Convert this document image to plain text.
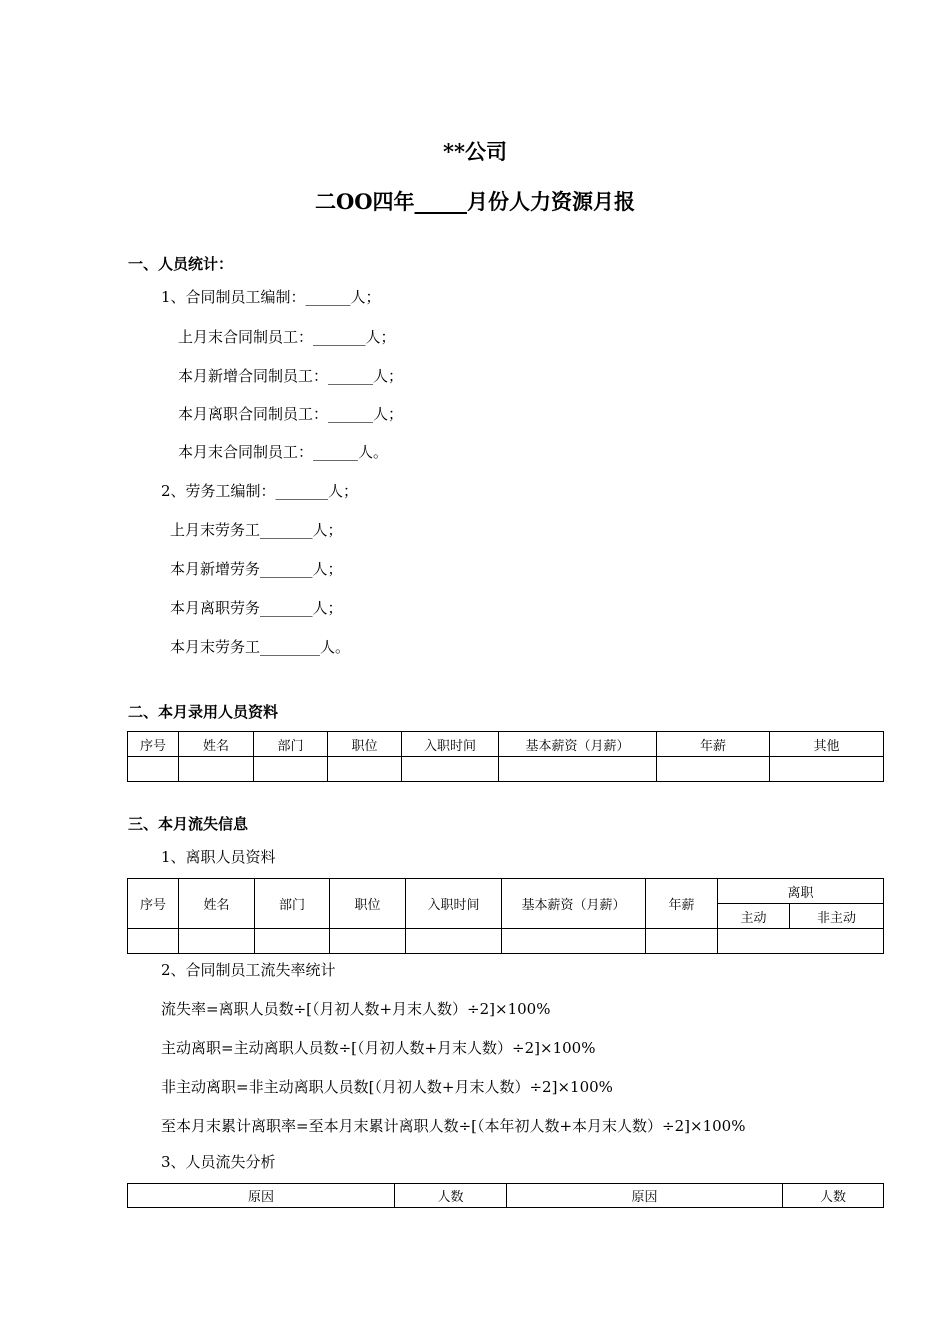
**公司
二OO四年_____月份人力资源月报
一、人员统计：
1、合同制员工编制：______人；
上月末合同制员工：_______人；
本月新增合同制员工：______人；
本月离职合同制员工：______人；
本月末合同制员工：______人。
2、劳务工编制：_______人；
上月末劳务工_______人；
本月新增劳务_______人；
本月离职劳务_______人；
本月末劳务工________人。
二、本月录用人员资料
序号	姓名	部门	职位	入职时间	基本薪资（月薪）	年薪	其他

三、本月流失信息
1、离职人员资料
序号	姓名	部门	职位	入职时间	基本薪资（月薪）	年薪	离职	
							主动	非主动

2、合同制员工流失率统计
流失率=离职人员数÷[（月初人数+月末人数）÷2]×100%
主动离职=主动离职人员数÷[（月初人数+月末人数）÷2]×100%
非主动离职=非主动离职人员数[（月初人数+月末人数）÷2]×100%
至本月末累计离职率=至本月末累计离职人数÷[（本年初人数+本月末人数）÷2]×100%
3、人员流失分析
原因	人数	原因	人数
